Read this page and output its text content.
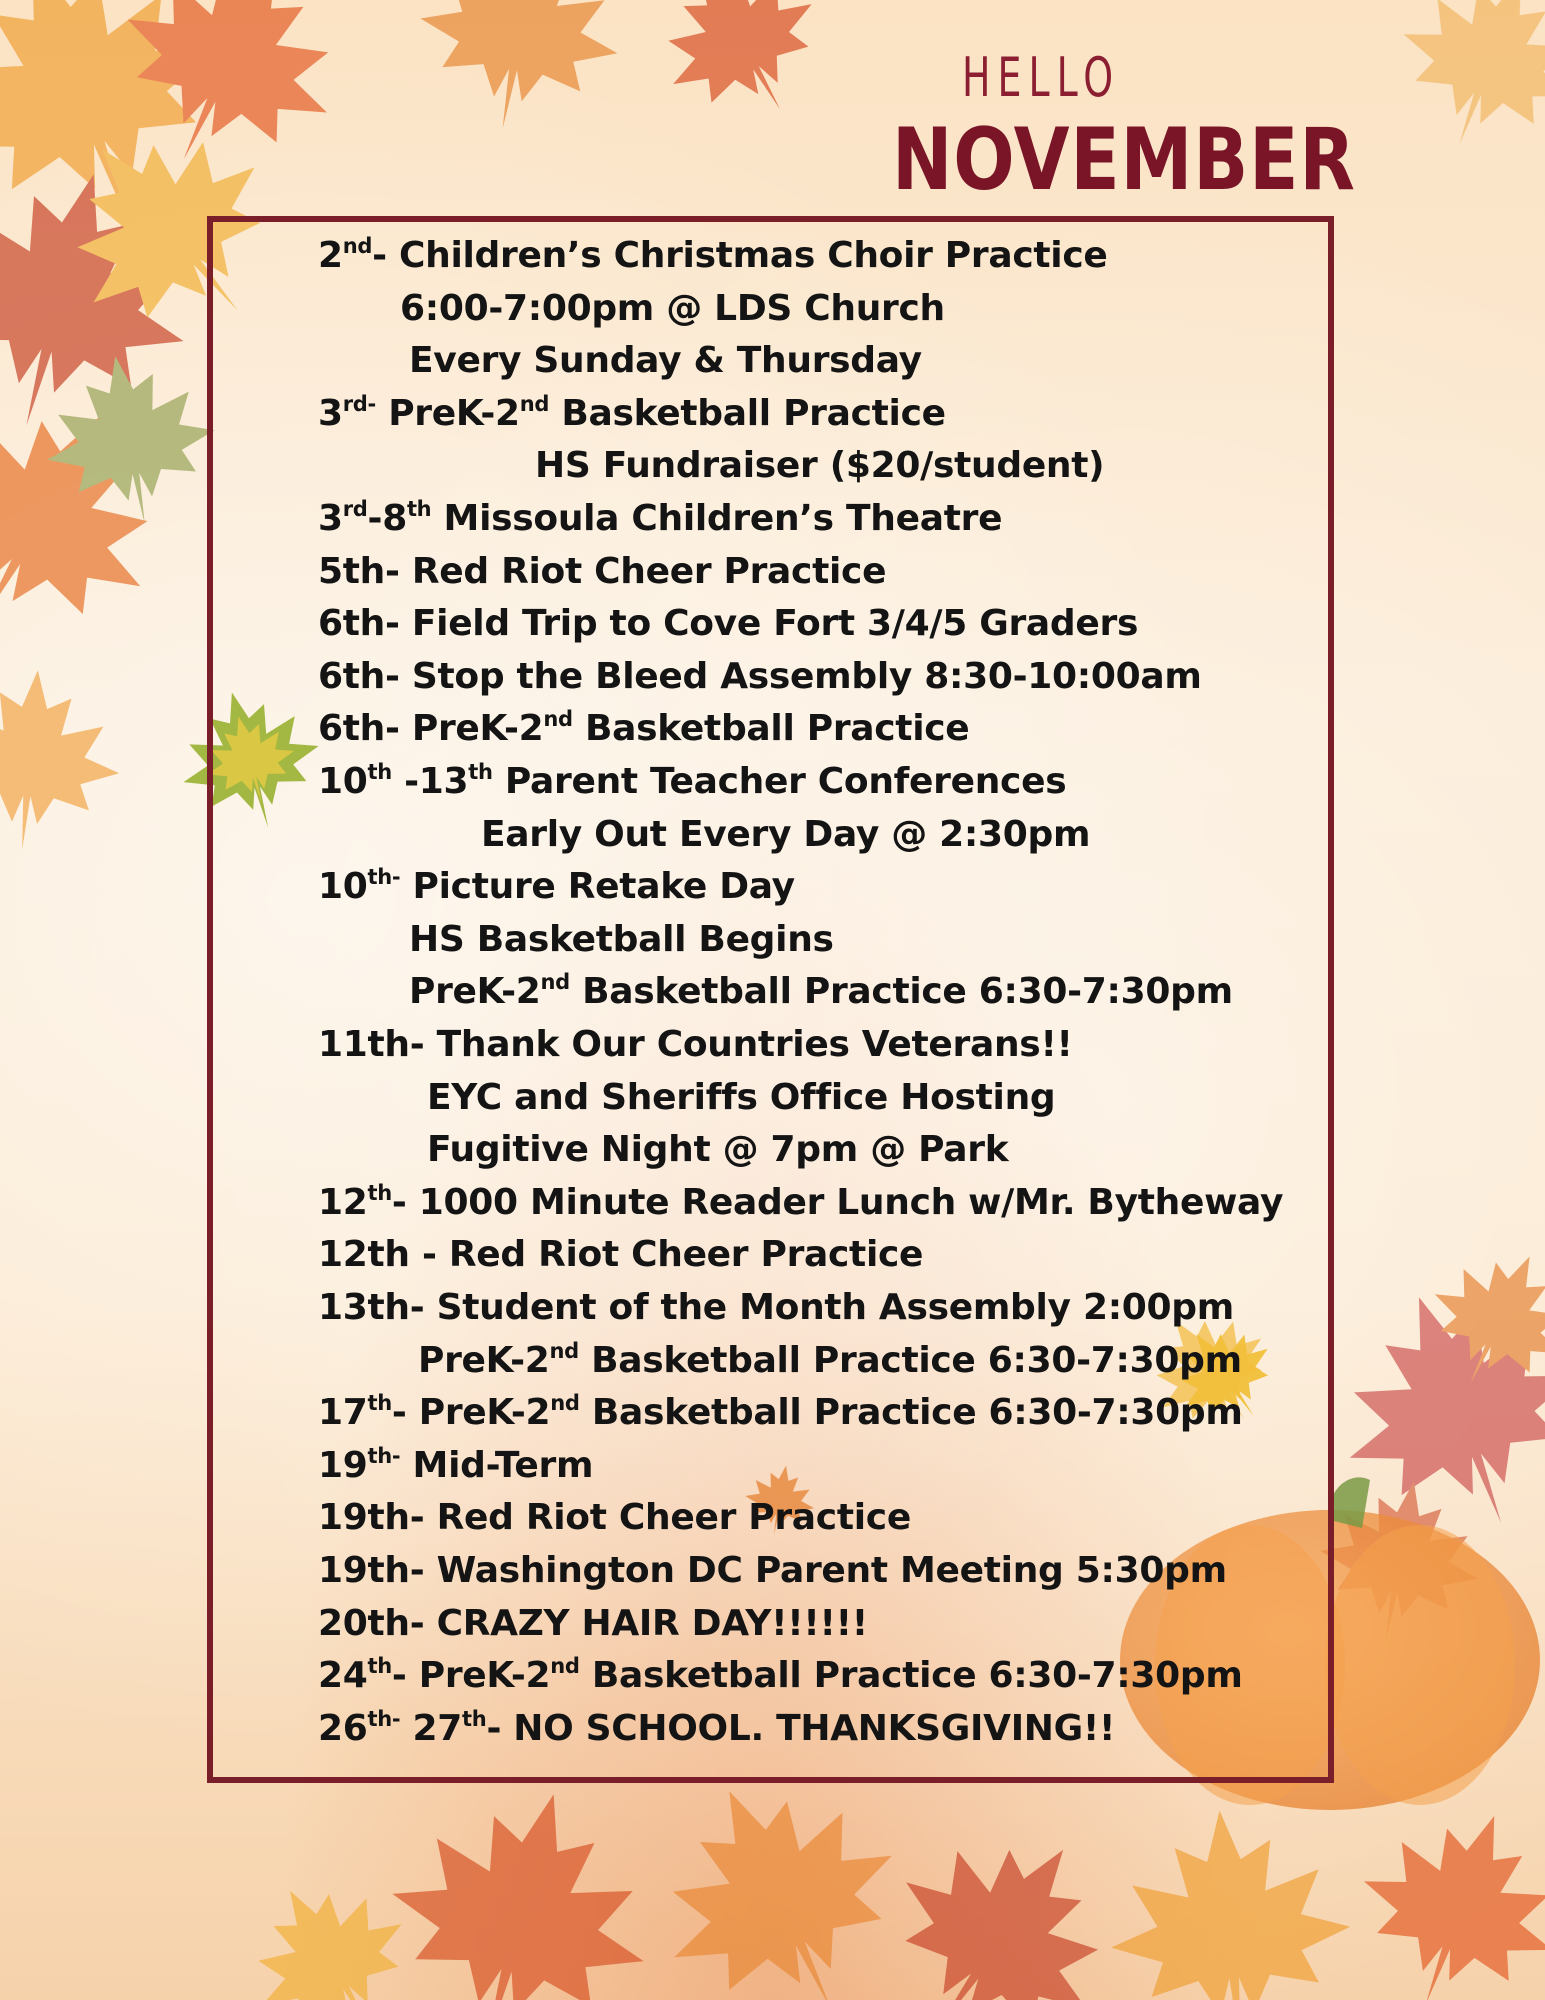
HELLO
NOVEMBER
2nd- Children’s Christmas Choir Practice
6:00-7:00pm @ LDS Church
Every Sunday & Thursday
$3^{rd-}$ PreK-2nd Basketball Practice
HS Fundraiser ($20/student)
3rd-8th Missoula Children’s Theatre
5th- Red Riot Cheer Practice
6th- Field Trip to Cove Fort 3/4/5 Graders
6th- Stop the Bleed Assembly 8:30-10:00am
6th- PreK-2nd Basketball Practice
10th -13th Parent Teacher Conferences
Early Out Every Day @ 2:30pm
$10^{th-}$ Picture Retake Day
HS Basketball Begins
PreK-2nd Basketball Practice 6:30-7:30pm
11th- Thank Our Countries Veterans!!
EYC and Sheriffs Office Hosting
Fugitive Night @ 7pm @ Park
12th- 1000 Minute Reader Lunch w/Mr. Bytheway
12th - Red Riot Cheer Practice
13th- Student of the Month Assembly 2:00pm
PreK-2nd Basketball Practice 6:30-7:30pm
17th- PreK-2nd Basketball Practice 6:30-7:30pm
$19^{th-}$ Mid-Term
19th- Red Riot Cheer Practice
19th- Washington DC Parent Meeting 5:30pm
20th- CRAZY HAIR DAY!!!!!!
24th- PreK-2nd Basketball Practice 6:30-7:30pm
$26^{th-}$ 27th- NO SCHOOL. THANKSGIVING!!
